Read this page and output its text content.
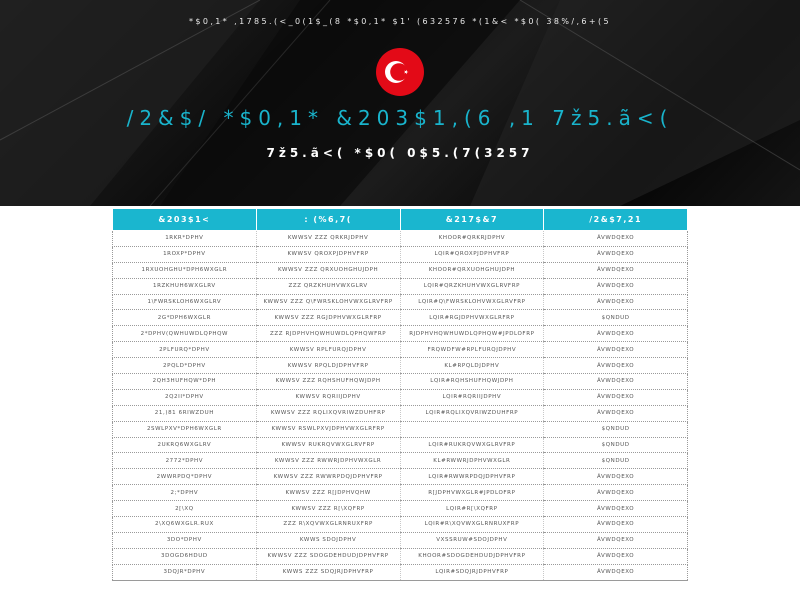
*$0,1* ,1785.(<_0(1$_(8 *$0,1* $1' (632576 *(1&< *$0( 38%/,6+(5
/2&$/ *$0,1* &203$1,(6 ,1 7ž5.ã<(
7ž5.ã<( *$0( 0$5.(7(3257
&203$1<	: (%6,7(	&217$&7	/2&$7,21
1RKR*DPHV	KWWSV ZZZ QRKRJDPHV	KHOOR#QRKRJDPHV	ÃVWDQEXO
1ROXP*DPHV	KWWSV QROXPJDPHVFRP	LQIR#QROXPJDPHVFRP	ÃVWDQEXO
1RXUOHGHU*DPH6WXGLR	KWWSV ZZZ QRXUOHGHUJDPH	KHOOR#QRXUOHGHUJDPH	ÃVWDQEXO
1RZKHUH6WXGLRV	ZZZ QRZKHUHVWXGLRV	LQIR#QRZKHUHVWXGLRVFRP	ÃVWDQEXO
1\FWRSKLOH6WXGLRV	KWWSV ZZZ Q\FWRSKLOHVWXGLRVFRP	LQIR#Q\FWRSKLOHVWXGLRVFRP	ÃVWDQEXO
2G*DPH6WXGLR	KWWSV ZZZ RGJDPHVWXGLRFRP	LQIR#RGJDPHVWXGLRFRP	$QNDUD
2*DPHV(QWHUWDLQPHQW	ZZZ RJDPHVHQWHUWDLQPHQWFRP	RJDPHVHQWHUWDLQPHQW#JPDLOFRP	ÃVWDQEXO
2PLFURQ*DPHV	KWWSV RPLFURQJDPHV	FRQWDFW#RPLFURQJDPHV	ÃVWDQEXO
2PQLD*DPHV	KWWSV RPQLDJDPHVFRP	KL#RPQLDJDPHV	ÃVWDQEXO
2QH3HUFHQW*DPH	KWWSV ZZZ RQHSHUFHQWJDPH	LQIR#RQHSHUFHQWJDPH	ÃVWDQEXO
2Q2II*DPHV	KWWSV RQRIIJDPHV	LQIR#RQRIIJDPHV	ÃVWDQEXO
21,)81 6RIWZDUH	KWWSV ZZZ RQLIXQVRIWZDUHFRP	LQIR#RQLIXQVRIWZDUHFRP	ÃVWDQEXO
2SWLPXV*DPH6WXGLR	KWWSV RSWLPXVJDPHVWXGLRFRP		$QNDUD
2UKRQ6WXGLRV	KWWSV RUKRQVWXGLRVFRP	LQIR#RUKRQVWXGLRVFRP	$QNDUD
2772*DPHV	KWWSV ZZZ RWWRJDPHVWXGLR	KL#RWWRJDPHVWXGLR	$QNDUD
2WWRPDQ*DPHV	KWWSV ZZZ RWWRPDQJDPHVFRP	LQIR#RWWRPDQJDPHVFRP	ÃVWDQEXO
2;*DPHV	KWWSV ZZZ R[JDPHVQHW	R[JDPHVWXGLR#JPDLOFRP	ÃVWDQEXO
2[\XQ	KWWSV ZZZ R[\XQFRP	LQIR#R[\XQFRP	ÃVWDQEXO
2\XQ6WXGLR.RUX	ZZZ R\XQVWXGLRNRUXFRP	LQIR#R\XQVWXGLRNRUXFRP	ÃVWDQEXO
3DO*DPHV	KWWS SDOJDPHV	VXSSRUW#SDOJDPHV	ÃVWDQEXO
3DOGD6HDUD	KWWSV ZZZ SDOGDEHDUDJDPHVFRP	KHOOR#SDOGDEHDUDJDPHVFRP	ÃVWDQEXO
3DQJR*DPHV	KWWS ZZZ SDQJRJDPHVFRP	LQIR#SDQJRJDPHVFRP	ÃVWDQEXO
